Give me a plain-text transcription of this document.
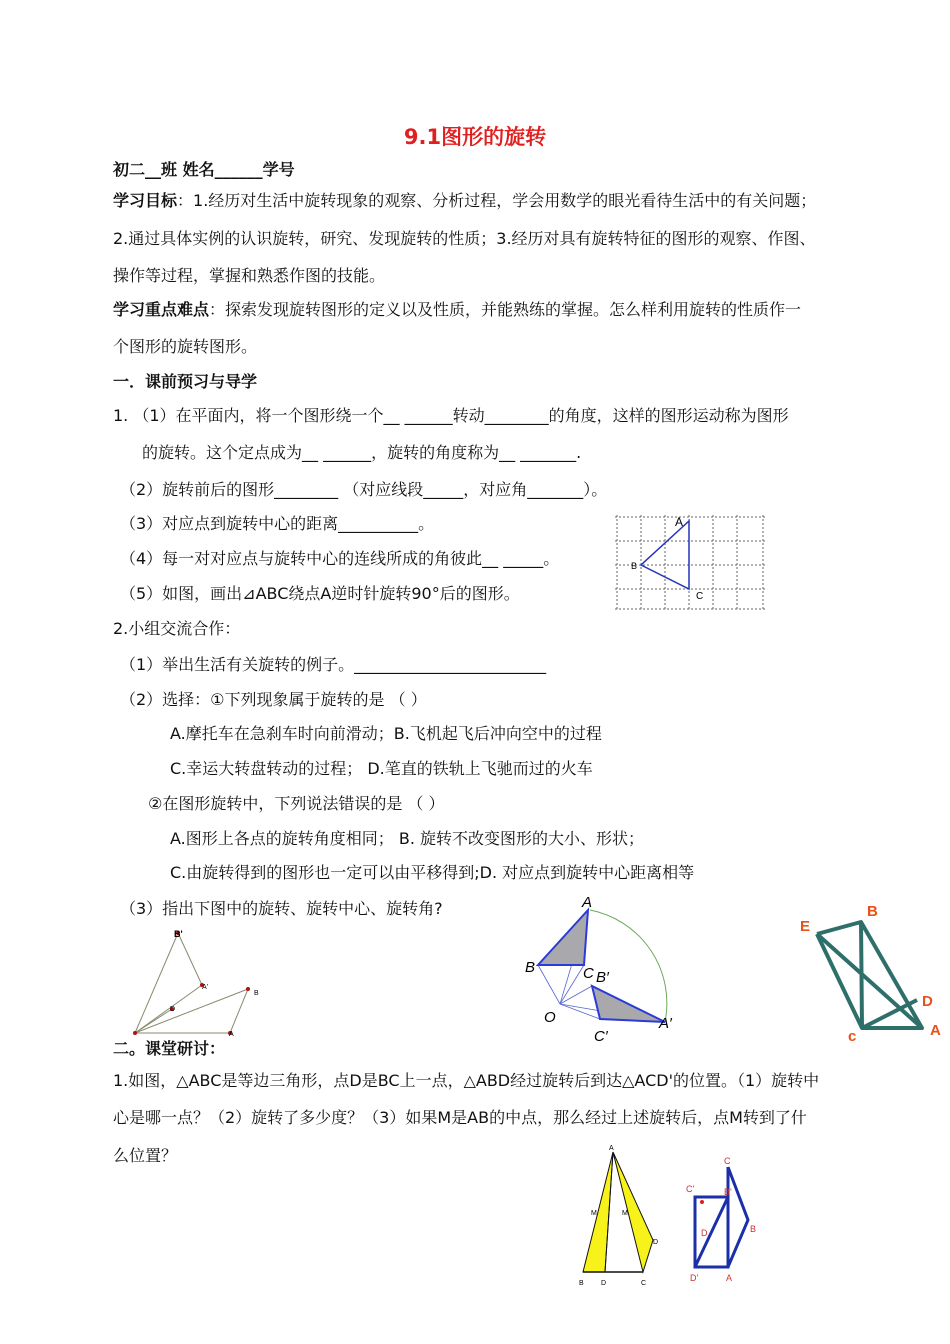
9.1图形的旋转
初二__班 姓名______学号
学习目标：1.经历对生活中旋转现象的观察、分析过程，学会用数学的眼光看待生活中的有关问题；
2.通过具体实例的认识旋转，研究、发现旋转的性质；3.经历对具有旋转特征的图形的观察、作图、
操作等过程，掌握和熟悉作图的技能。
学习重点难点：探索发现旋转图形的定义以及性质，并能熟练的掌握。怎么样利用旋转的性质作一
个图形的旋转图形。
一．课前预习与导学
1. （1）在平面内，将一个图形绕一个__ ______转动________的角度，这样的图形运动称为图形
的旋转。这个定点成为__ ______，旋转的角度称为__ _______.
（2）旋转前后的图形________ （对应线段_____，对应角_______）。
（3）对应点到旋转中心的距离__________。
（4）每一对对应点与旋转中心的连线所成的角彼此__ _____。
（5）如图，画出⊿ABC绕点A逆时针旋转90°后的图形。
2.小组交流合作：
（1）举出生活有关旋转的例子。________________________
（2）选择：①下列现象属于旋转的是 （ ）
A.摩托车在急刹车时向前滑动；B.飞机起飞后冲向空中的过程
C.幸运大转盘转动的过程； D.笔直的铁轨上飞驰而过的火车
②在图形旋转中，下列说法错误的是 （ ）
A.图形上各点的旋转角度相同； B. 旋转不改变图形的大小、形状；
C.由旋转得到的图形也一定可以由平移得到;D. 对应点到旋转中心距离相等
（3）指出下图中的旋转、旋转中心、旋转角?
二。课堂研讨：
1.如图，△ABC是等边三角形，点D是BC上一点，△ABD经过旋转后到达△ACD'的位置。（1）旋转中
心是哪一点？（2）旋转了多少度？（3）如果M是AB的中点，那么经过上述旋转后，点M转到了什
么位置？
A
B
C
B'
A'
D
B
A
A
B	C B′
O
C′
A′
E
B
D
c	A
A
M	M
D
B D	C
C
C'	B'
D	B
D'	A
